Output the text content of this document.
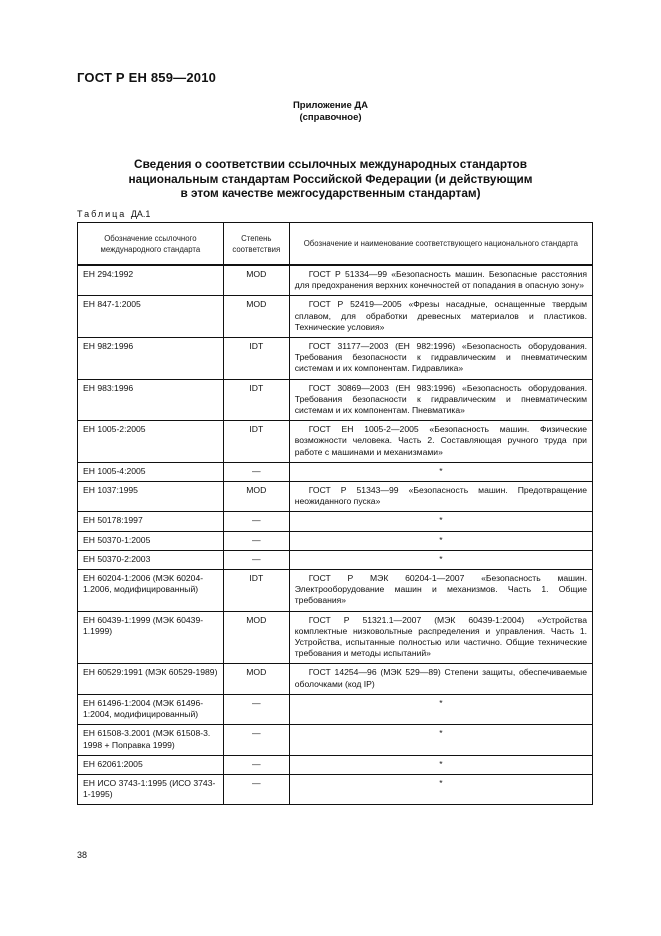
ГОСТ Р ЕН 859—2010
Приложение ДА
(справочное)
Сведения о соответствии ссылочных международных стандартов
национальным стандартам Российской Федерации (и действующим
в этом качестве межгосударственным стандартам)
Таблица ДА.1
Обозначение ссылочного международного стандарта	Степень соответствия	Обозначение и наименование соответствующего национального стандарта
ЕН 294:1992	MOD	ГОСТ Р 51334—99 «Безопасность машин. Безопасные расстояния для предохранения верхних конечностей от попадания в опасную зону»
ЕН 847-1:2005	MOD	ГОСТ Р 52419—2005 «Фрезы насадные, оснащенные твердым сплавом, для обработки древесных материалов и пластиков. Технические условия»
ЕН 982:1996	IDT	ГОСТ 31177—2003 (ЕН 982:1996) «Безопасность оборудования. Требования безопасности к гидравлическим и пневматическим системам и их компонентам. Гидравлика»
ЕН 983:1996	IDT	ГОСТ 30869—2003 (ЕН 983:1996) «Безопасность оборудования. Требования безопасности к гидравлическим и пневматическим системам и их компонентам. Пневматика»
ЕН 1005-2:2005	IDT	ГОСТ ЕН 1005-2—2005 «Безопасность машин. Физические возможности человека. Часть 2. Составляющая ручного труда при работе с машинами и механизмами»
ЕН 1005-4:2005	—	*
ЕН 1037:1995	MOD	ГОСТ Р 51343—99 «Безопасность машин. Предотвращение неожиданного пуска»
ЕН 50178:1997	—	*
ЕН 50370-1:2005	—	*
ЕН 50370-2:2003	—	*
ЕН 60204-1:2006 (МЭК 60204-1.2006, модифицированный)	IDT	ГОСТ Р МЭК 60204-1—2007 «Безопасность машин. Электрооборудование машин и механизмов. Часть 1. Общие требования»
ЕН 60439-1:1999 (МЭК 60439-1.1999)	MOD	ГОСТ Р 51321.1—2007 (МЭК 60439-1:2004) «Устройства комплектные низковольтные распределения и управления. Часть 1. Устройства, испытанные полностью или частично. Общие технические требования и методы испытаний»
ЕН 60529:1991 (МЭК 60529-1989)	MOD	ГОСТ 14254—96 (МЭК 529—89) Степени защиты, обеспечиваемые оболочками (код IP)
ЕН 61496-1:2004 (МЭК 61496-1:2004, модифицированный)	—	*
ЕН 61508-3.2001 (МЭК 61508-3. 1998 + Поправка 1999)	—	*
ЕН 62061:2005	—	*
ЕН ИСО 3743-1:1995 (ИСО 3743-1-1995)	—	*
38
